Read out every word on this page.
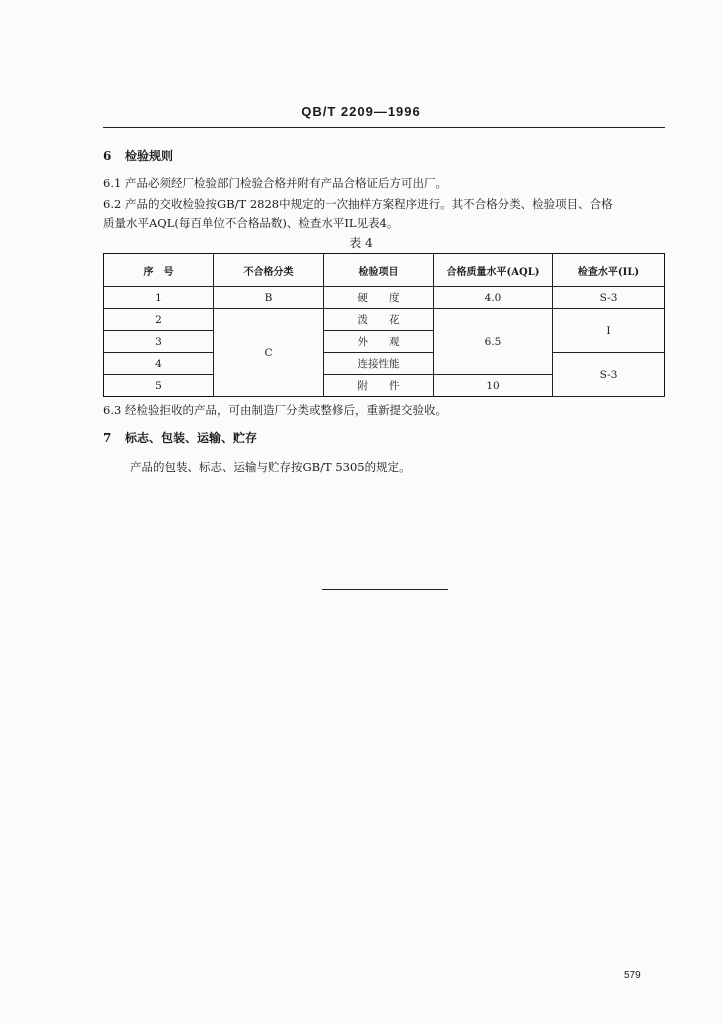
QB/T 2209—1996
6 检验规则
6.1 产品必须经厂检验部门检验合格并附有产品合格证后方可出厂。
6.2 产品的交收检验按GB/T 2828中规定的一次抽样方案程序进行。其不合格分类、检验项目、合格
质量水平AQL(每百单位不合格品数)、检查水平IL见表4。
表 4
序　号	不合格分类	检验项目	合格质量水平(AQL)	检查水平(IL)
1	B	硬　　度	4.0	S-3
2	C	泼　　花	6.5	Ⅰ
3		外　　观		
4		连接性能		S-3
5		附　　件	10	
6.3 经检验拒收的产品，可由制造厂分类或整修后，重新提交验收。
7 标志、包装、运输、贮存
产品的包装、标志、运输与贮存按GB/T 5305的规定。
579
